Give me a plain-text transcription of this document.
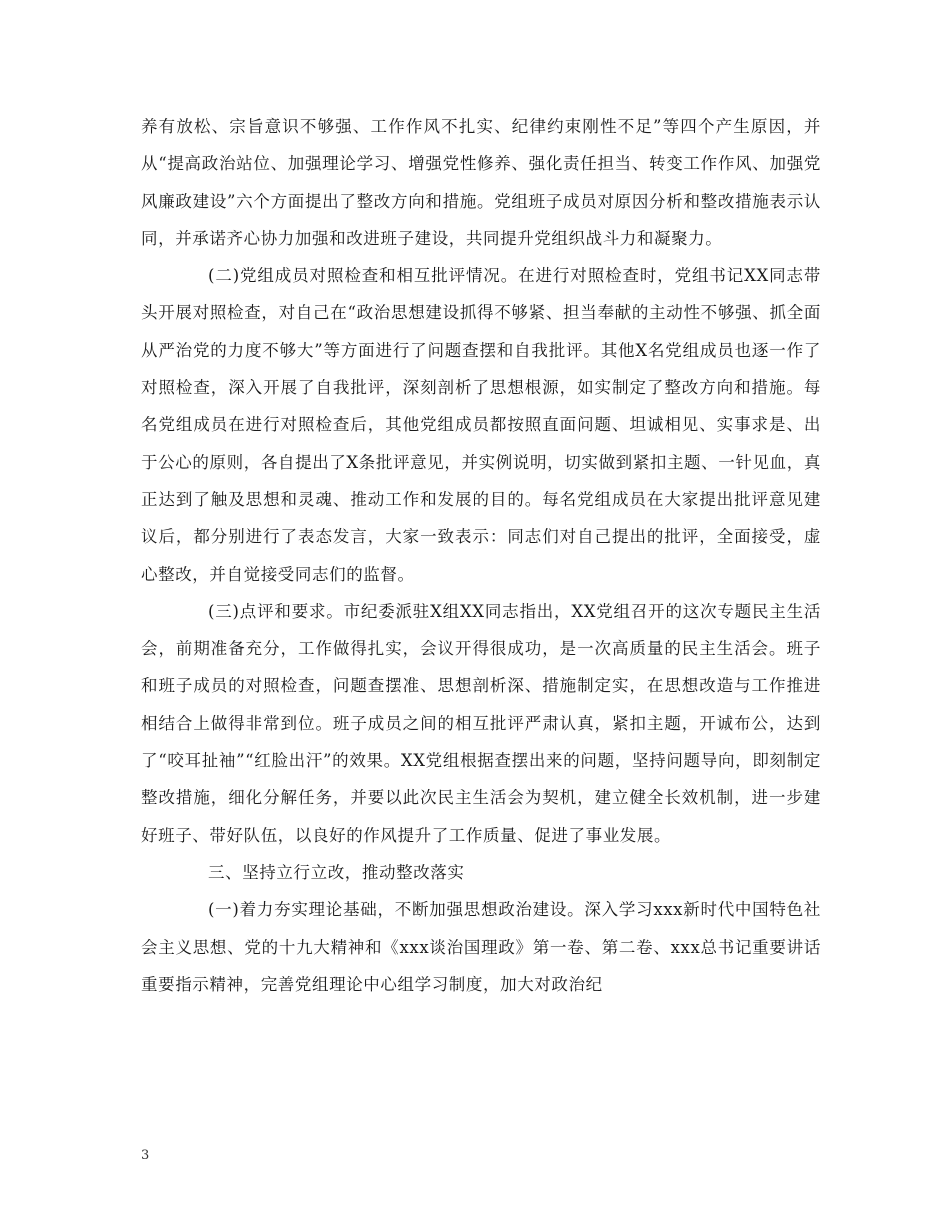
养有放松、宗旨意识不够强、工作作风不扎实、纪律约束刚性不足”等四个产生原因，并从“提高政治站位、加强理论学习、增强党性修养、强化责任担当、转变工作作风、加强党风廉政建设”六个方面提出了整改方向和措施。党组班子成员对原因分析和整改措施表示认同，并承诺齐心协力加强和改进班子建设，共同提升党组织战斗力和凝聚力。

(二)党组成员对照检查和相互批评情况。在进行对照检查时，党组书记XX同志带头开展对照检查，对自己在“政治思想建设抓得不够紧、担当奉献的主动性不够强、抓全面从严治党的力度不够大”等方面进行了问题查摆和自我批评。其他X名党组成员也逐一作了对照检查，深入开展了自我批评，深刻剖析了思想根源，如实制定了整改方向和措施。每名党组成员在进行对照检查后，其他党组成员都按照直面问题、坦诚相见、实事求是、出于公心的原则，各自提出了X条批评意见，并实例说明，切实做到紧扣主题、一针见血，真正达到了触及思想和灵魂、推动工作和发展的目的。每名党组成员在大家提出批评意见建议后，都分别进行了表态发言，大家一致表示：同志们对自己提出的批评，全面接受，虚心整改，并自觉接受同志们的监督。

(三)点评和要求。市纪委派驻X组XX同志指出，XX党组召开的这次专题民主生活会，前期准备充分，工作做得扎实，会议开得很成功，是一次高质量的民主生活会。班子和班子成员的对照检查，问题查摆准、思想剖析深、措施制定实，在思想改造与工作推进相结合上做得非常到位。班子成员之间的相互批评严肃认真，紧扣主题，开诚布公，达到了“咬耳扯袖”“红脸出汗”的效果。XX党组根据查摆出来的问题，坚持问题导向，即刻制定整改措施，细化分解任务，并要以此次民主生活会为契机，建立健全长效机制，进一步建好班子、带好队伍，以良好的作风提升了工作质量、促进了事业发展。

三、坚持立行立改，推动整改落实

(一)着力夯实理论基础，不断加强思想政治建设。深入学习xxx新时代中国特色社会主义思想、党的十九大精神和《xxx谈治国理政》第一卷、第二卷、xxx总书记重要讲话重要指示精神，完善党组理论中心组学习制度，加大对政治纪

3
